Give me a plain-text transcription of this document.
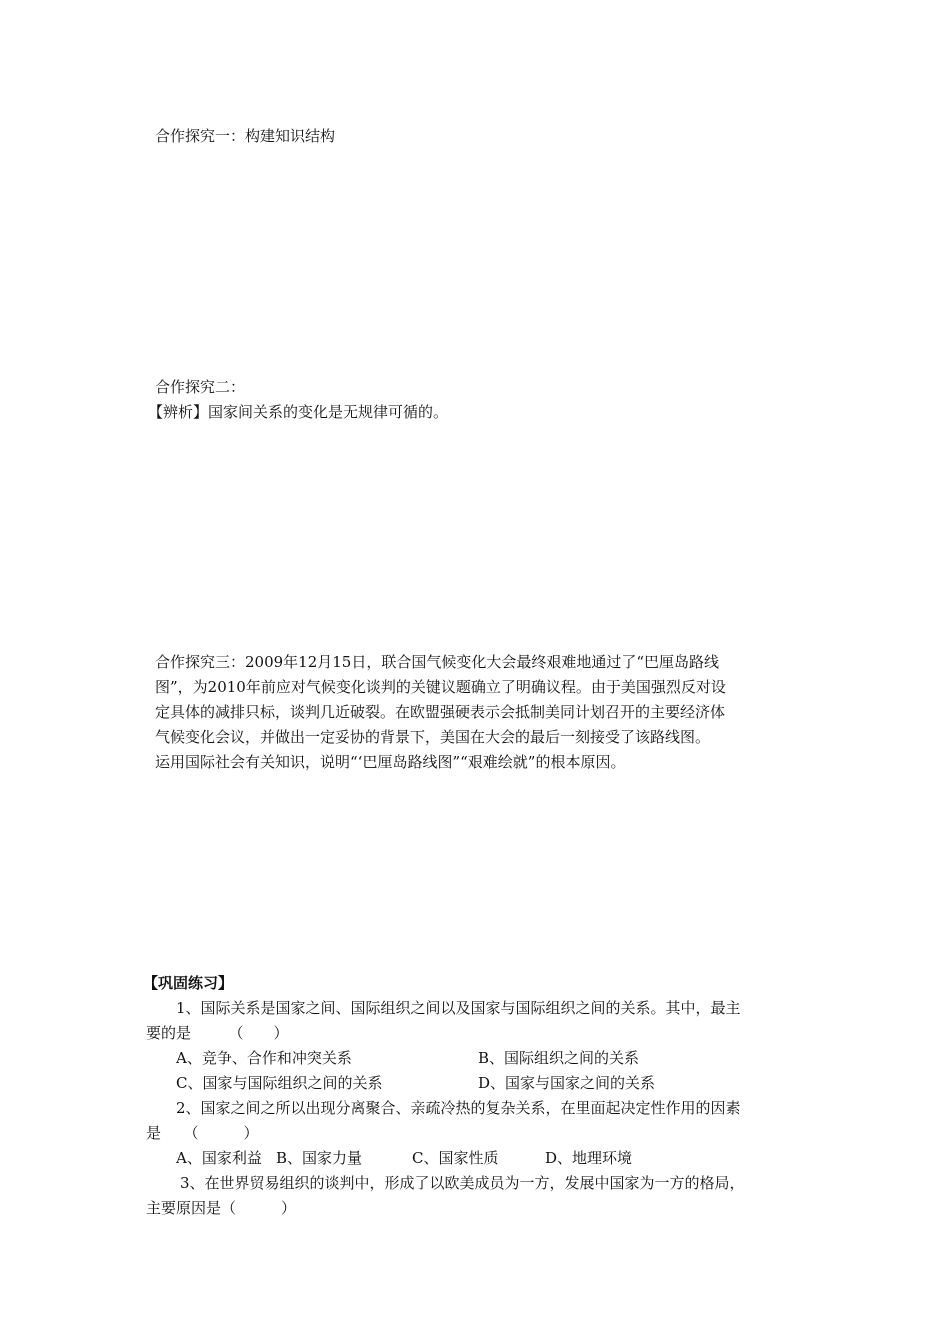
合作探究一：构建知识结构
合作探究二：
【辨析】国家间关系的变化是无规律可循的。
合作探究三：2009年12月15日，联合国气候变化大会最终艰难地通过了“巴厘岛路线
图”，为2010年前应对气候变化谈判的关键议题确立了明确议程。由于美国强烈反对设
定具体的减排只标，谈判几近破裂。在欧盟强硬表示会抵制美同计划召开的主要经济体
气候变化会议，并做出一定妥协的背景下，美国在大会的最后一刻接受了该路线图。
运用国际社会有关知识，说明“‘巴厘岛路线图”“艰难绘就”的根本原因。
【巩固练习】
1、国际关系是国家之间、国际组织之间以及国家与国际组织之间的关系。其中，最主
要的是　　　（　　）
A、竞争、合作和冲突关系	B、国际组织之间的关系
C、国家与国际组织之间的关系	D、国家与国家之间的关系
2、国家之间之所以出现分离聚合、亲疏冷热的复杂关系，在里面起决定性作用的因素
是　　（　　　）
A、国家利益 B、国家力量	C、国家性质	D、地理环境
3、在世界贸易组织的谈判中，形成了以欧美成员为一方，发展中国家为一方的格局，
主要原因是（　　　）
